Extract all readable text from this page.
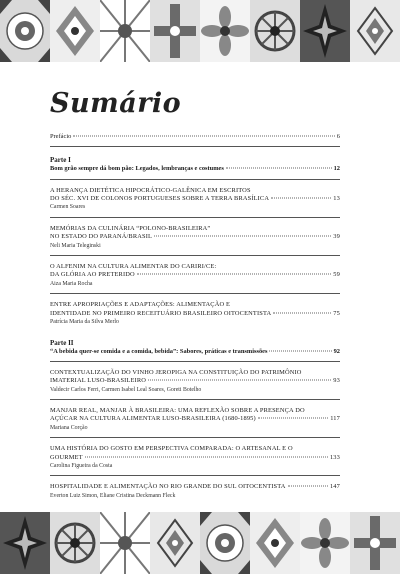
Sumário
Prefácio	6
Parte I
Bom grão sempre dá bom pão: Legados, lembranças e costumes	12
A HERANÇA DIETÉTICA HIPOCRÁTICO-GALÊNICA EM ESCRITOS
DO SÉC. XVI DE COLONOS PORTUGUESES SOBRE A TERRA BRASÍLICA	13
Carmen Soares
MEMÓRIAS DA CULINÁRIA “POLONO-BRASILEIRA”
NO ESTADO DO PARANÁ/BRASIL	39
Neli Maria Teleginski
O ALFENIM NA CULTURA ALIMENTAR DO CARIRI/CE:
DA GLÓRIA AO PRETERIDO	59
Aiza Maria Rocha
ENTRE APROPRIAÇÕES E ADAPTAÇÕES: ALIMENTAÇÃO E
IDENTIDADE NO PRIMEIRO RECEITUÁRIO BRASILEIRO OITOCENTISTA	75
Patrícia Maria da Silva Merlo
Parte II
“A bebida quer-se comida e a comida, bebida”: Sabores, práticas e transmissões	92
CONTEXTUALIZAÇÃO DO VINHO JEROPIGA NA CONSTITUIÇÃO DO PATRIMÔNIO
IMATERIAL LUSO-BRASILEIRO	93
Valdecir Carlos Ferri, Carmen Isabel Leal Soares, Goreti Botelho
MANJAR REAL, MANJAR À BRASILEIRA: UMA REFLEXÃO SOBRE A PRESENÇA DO
AÇÚCAR NA CULTURA ALIMENTAR LUSO-BRASILEIRA (1680-1895)	117
Mariana Corção
UMA HISTÓRIA DO GOSTO EM PERSPECTIVA COMPARADA: O ARTESANAL E O
GOURMET	133
Carolina Figueira da Costa
HOSPITALIDADE E ALIMENTAÇÃO NO RIO GRANDE DO SUL OITOCENTISTA	147
Everton Luiz Simon, Eliane Cristina Deckmann Fleck
